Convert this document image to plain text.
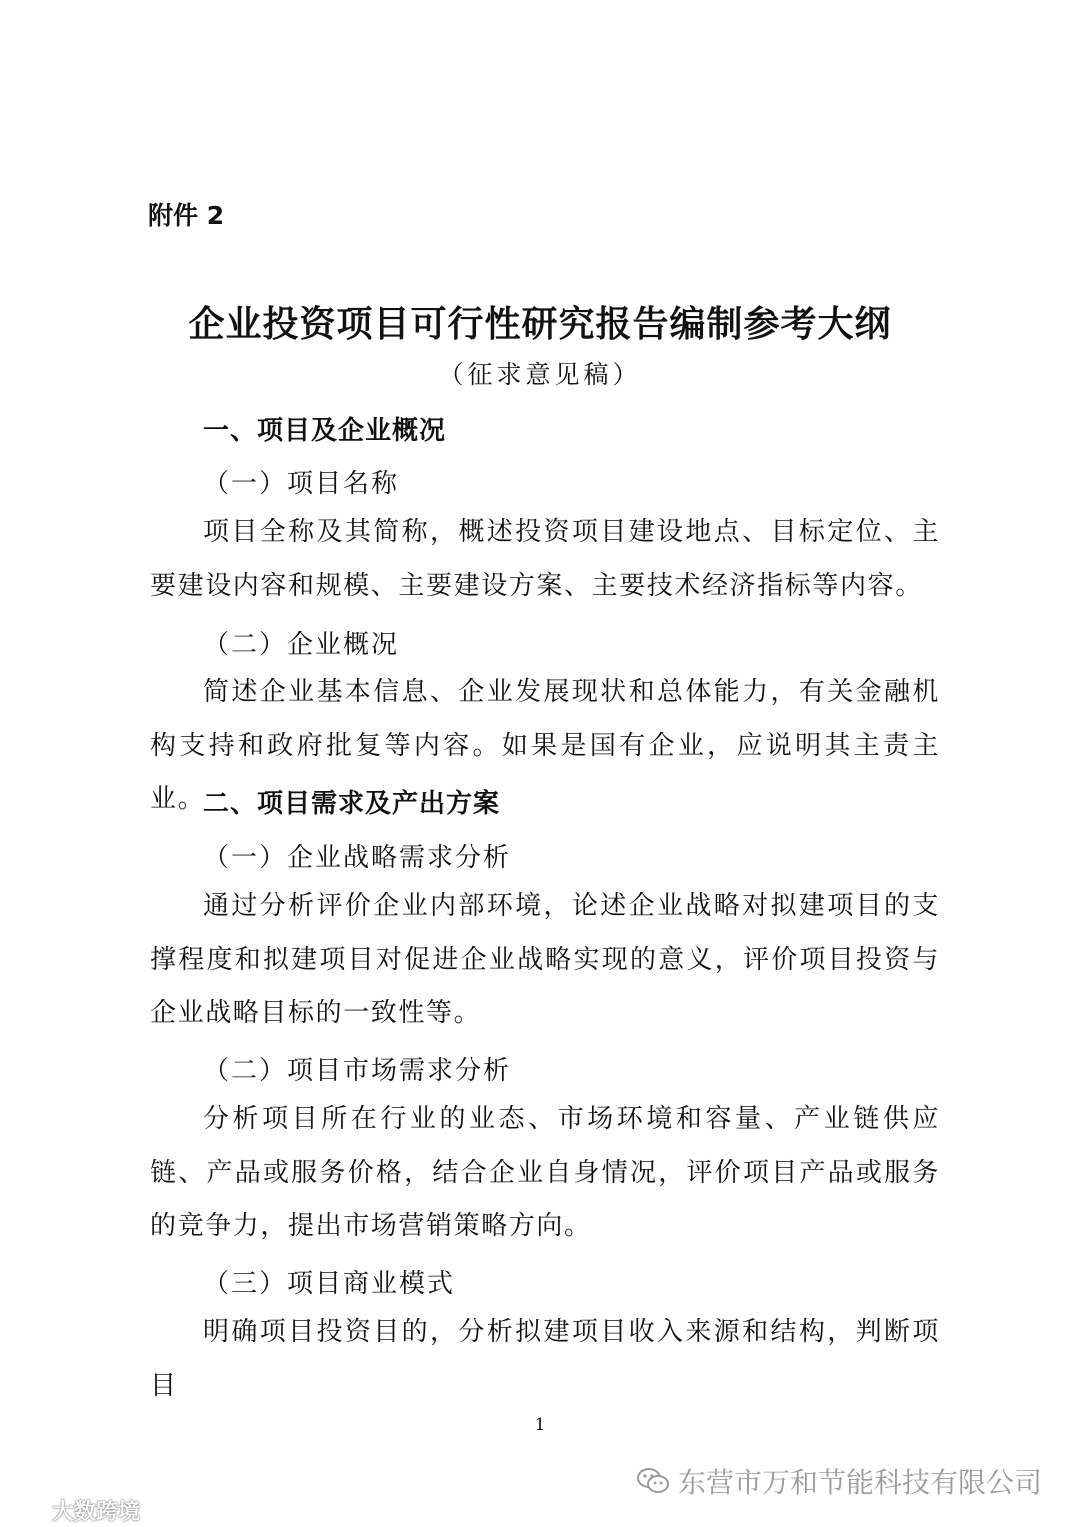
附件 2
企业投资项目可行性研究报告编制参考大纲
（征求意见稿）
一、项目及企业概况
（一）项目名称
项目全称及其简称，概述投资项目建设地点、目标定位、主要建设内容和规模、主要建设方案、主要技术经济指标等内容。
（二）企业概况
简述企业基本信息、企业发展现状和总体能力，有关金融机构支持和政府批复等内容。如果是国有企业，应说明其主责主业。
二、项目需求及产出方案
（一）企业战略需求分析
通过分析评价企业内部环境，论述企业战略对拟建项目的支撑程度和拟建项目对促进企业战略实现的意义，评价项目投资与企业战略目标的一致性等。
（二）项目市场需求分析
分析项目所在行业的业态、市场环境和容量、产业链供应链、产品或服务价格，结合企业自身情况，评价项目产品或服务的竞争力，提出市场营销策略方向。
（三）项目商业模式
明确项目投资目的，分析拟建项目收入来源和结构，判断项目
1
东营市万和节能科技有限公司
大数跨境
